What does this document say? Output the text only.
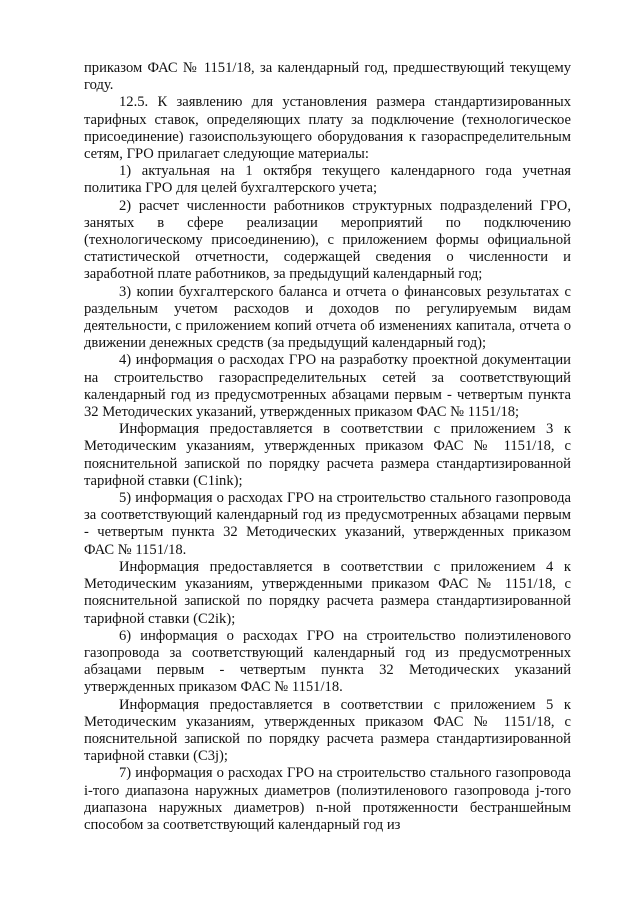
приказом ФАС № 1151/18, за календарный год, предшествующий текущему году.

12.5. К заявлению для установления размера стандартизированных тарифных ставок, определяющих плату за подключение (технологическое присоединение) газоиспользующего оборудования к газораспределительным сетям, ГРО прилагает следующие материалы:

1) актуальная на 1 октября текущего календарного года учетная политика ГРО для целей бухгалтерского учета;

2) расчет численности работников структурных подразделений ГРО, занятых в сфере реализации мероприятий по подключению (технологическому присоединению), с приложением формы официальной статистической отчетности, содержащей сведения о численности и заработной плате работников, за предыдущий календарный год;

3) копии бухгалтерского баланса и отчета о финансовых результатах с раздельным учетом расходов и доходов по регулируемым видам деятельности, с приложением копий отчета об изменениях капитала, отчета о движении денежных средств (за предыдущий календарный год);

4) информация о расходах ГРО на разработку проектной документации на строительство газораспределительных сетей за соответствующий календарный год из предусмотренных абзацами первым - четвертым пункта 32 Методических указаний, утвержденных приказом ФАС № 1151/18;

Информация предоставляется в соответствии с приложением 3 к Методическим указаниям, утвержденных приказом ФАС № 1151/18, с пояснительной запиской по порядку расчета размера стандартизированной тарифной ставки (C1ink);

5) информация о расходах ГРО на строительство стального газопровода за соответствующий календарный год из предусмотренных абзацами первым - четвертым пункта 32 Методических указаний, утвержденных приказом ФАС № 1151/18.

Информация предоставляется в соответствии с приложением 4 к Методическим указаниям, утвержденными приказом ФАС № 1151/18, с пояснительной запиской по порядку расчета размера стандартизированной тарифной ставки (C2ik);

6) информация о расходах ГРО на строительство полиэтиленового газопровода за соответствующий календарный год из предусмотренных абзацами первым - четвертым пункта 32 Методических указаний утвержденных приказом ФАС № 1151/18.

Информация предоставляется в соответствии с приложением 5 к Методическим указаниям, утвержденных приказом ФАС № 1151/18, с пояснительной запиской по порядку расчета размера стандартизированной тарифной ставки (C3j);

7) информация о расходах ГРО на строительство стального газопровода i-того диапазона наружных диаметров (полиэтиленового газопровода j-того диапазона наружных диаметров) n-ной протяженности бестраншейным способом за соответствующий календарный год из
